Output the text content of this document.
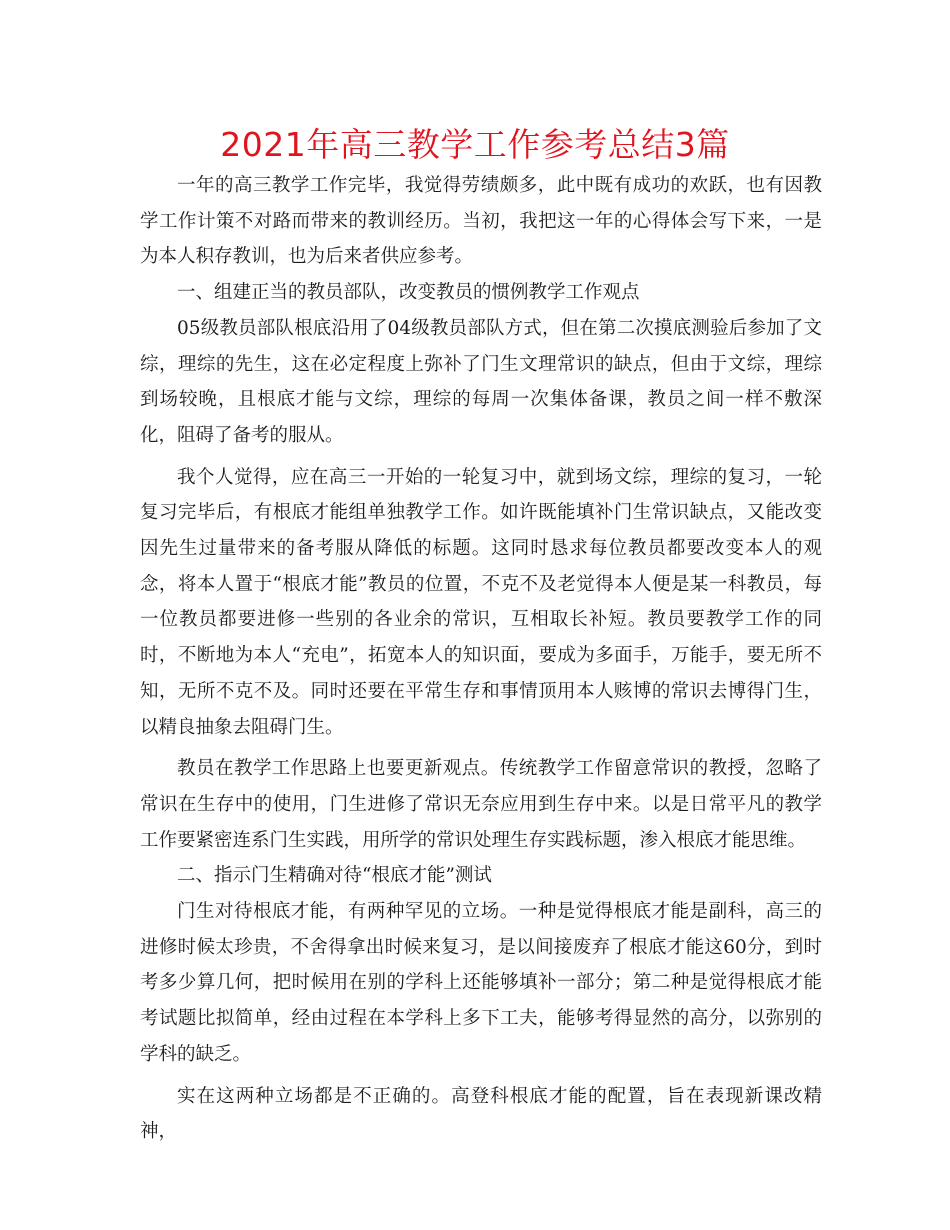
2021年高三教学工作参考总结3篇

一年的高三教学工作完毕，我觉得劳绩颇多，此中既有成功的欢跃，也有因教学工作计策不对路而带来的教训经历。当初，我把这一年的心得体会写下来，一是为本人积存教训，也为后来者供应参考。

一、组建正当的教员部队，改变教员的惯例教学工作观点

05级教员部队根底沿用了04级教员部队方式，但在第二次摸底测验后参加了文综，理综的先生，这在必定程度上弥补了门生文理常识的缺点，但由于文综，理综到场较晚，且根底才能与文综，理综的每周一次集体备课，教员之间一样不敷深化，阻碍了备考的服从。

我个人觉得，应在高三一开始的一轮复习中，就到场文综，理综的复习，一轮复习完毕后，有根底才能组单独教学工作。如许既能填补门生常识缺点，又能改变因先生过量带来的备考服从降低的标题。这同时恳求每位教员都要改变本人的观念，将本人置于“根底才能”教员的位置，不克不及老觉得本人便是某一科教员，每一位教员都要进修一些别的各业余的常识，互相取长补短。教员要教学工作的同时，不断地为本人“充电”，拓宽本人的知识面，要成为多面手，万能手，要无所不知，无所不克不及。同时还要在平常生存和事情顶用本人赅博的常识去博得门生，以精良抽象去阻碍门生。

教员在教学工作思路上也要更新观点。传统教学工作留意常识的教授，忽略了常识在生存中的使用，门生进修了常识无奈应用到生存中来。以是日常平凡的教学工作要紧密连系门生实践，用所学的常识处理生存实践标题，渗入根底才能思维。

二、指示门生精确对待“根底才能”测试

门生对待根底才能，有两种罕见的立场。一种是觉得根底才能是副科，高三的进修时候太珍贵，不舍得拿出时候来复习，是以间接废弃了根底才能这60分，到时考多少算几何，把时候用在别的学科上还能够填补一部分；第二种是觉得根底才能考试题比拟简单，经由过程在本学科上多下工夫，能够考得显然的高分，以弥别的学科的缺乏。

实在这两种立场都是不正确的。高登科根底才能的配置，旨在表现新课改精神，
